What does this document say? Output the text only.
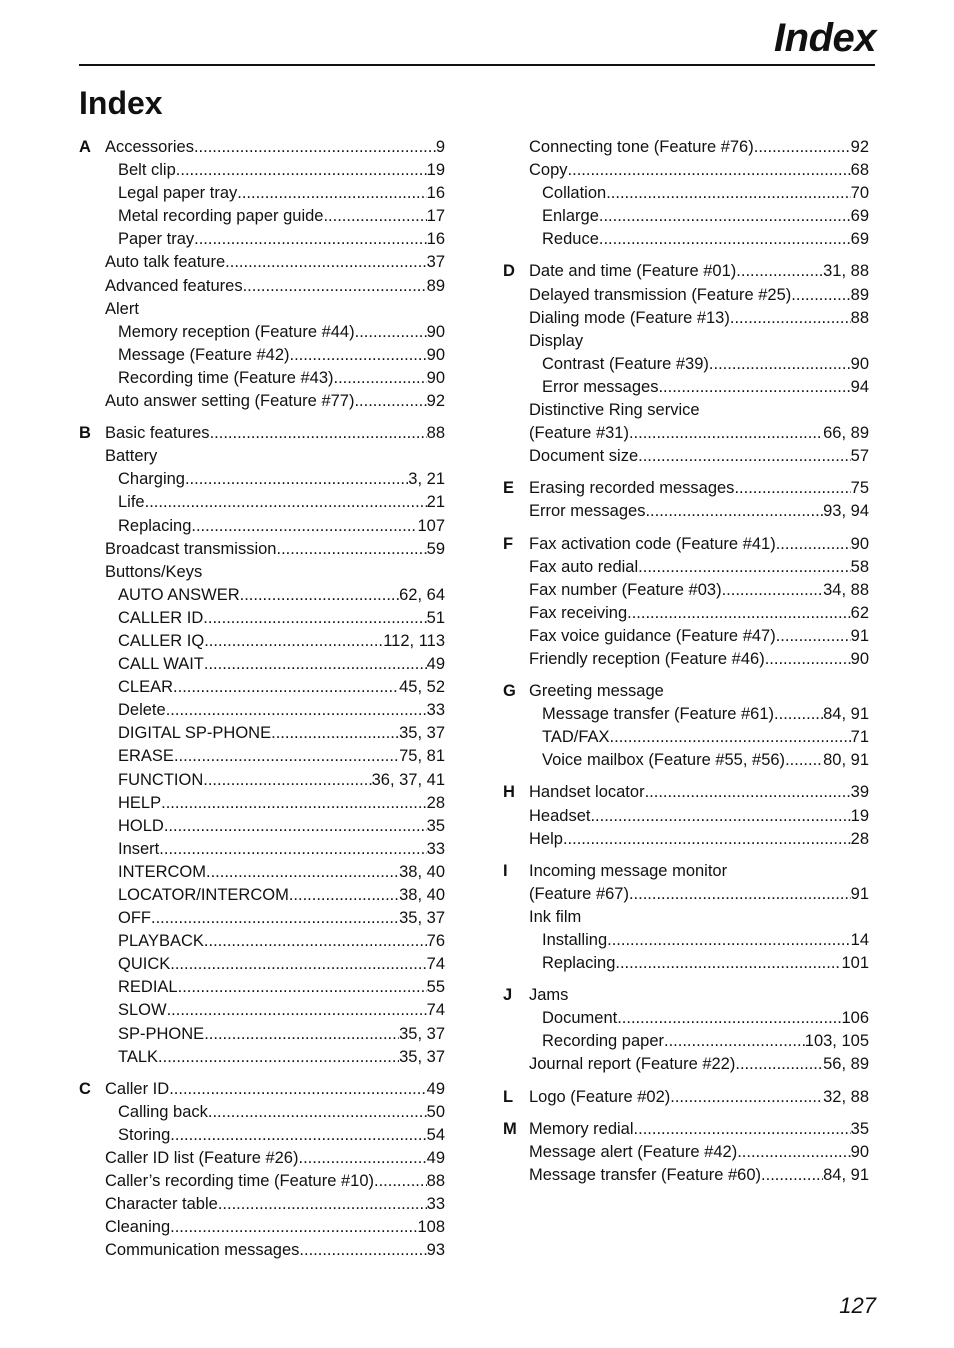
Index
Index
A Accessories .....	9
Belt clip .....	19
Legal paper tray .....	16
Metal recording paper guide .....	17
Paper tray .....	16
Auto talk feature .....	37
Advanced features .....	89
Alert
Memory reception (Feature #44) .....	90
Message (Feature #42) .....	90
Recording time (Feature #43) .....	90
Auto answer setting (Feature #77) .....	92
B Basic features .....	88
Battery
Charging .....	3, 21
Life .....	21
Replacing .....	107
Broadcast transmission .....	59
Buttons/Keys
AUTO ANSWER .....	62, 64
CALLER ID .....	51
CALLER IQ .....	112, 113
CALL WAIT .....	49
CLEAR .....	45, 52
Delete .....	33
DIGITAL SP-PHONE .....	35, 37
ERASE .....	75, 81
FUNCTION .....	36, 37, 41
HELP .....	28
HOLD .....	35
Insert .....	33
INTERCOM .....	38, 40
LOCATOR/INTERCOM .....	38, 40
OFF .....	35, 37
PLAYBACK .....	76
QUICK .....	74
REDIAL .....	55
SLOW .....	74
SP-PHONE .....	35, 37
TALK .....	35, 37
C Caller ID .....	49
Calling back .....	50
Storing .....	54
Caller ID list (Feature #26) .....	49
Caller’s recording time (Feature #10) .....	88
Character table .....	33
Cleaning .....	108
Communication messages .....	93
Connecting tone (Feature #76) .....	92
Copy .....	68
Collation .....	70
Enlarge .....	69
Reduce .....	69
D Date and time (Feature #01) .....	31, 88
Delayed transmission (Feature #25) .....	89
Dialing mode (Feature #13) .....	88
Display
Contrast (Feature #39) .....	90
Error messages .....	94
Distinctive Ring service
(Feature #31) .....	66, 89
Document size .....	57
E Erasing recorded messages .....	75
Error messages .....	93, 94
F Fax activation code (Feature #41) .....	90
Fax auto redial .....	58
Fax number (Feature #03) .....	34, 88
Fax receiving .....	62
Fax voice guidance (Feature #47) .....	91
Friendly reception (Feature #46) .....	90
G Greeting message
Message transfer (Feature #61) .....	84, 91
TAD/FAX .....	71
Voice mailbox (Feature #55, #56) ..... 80, 91
H Handset locator .....	39
Headset .....	19
Help .....	28
I Incoming message monitor
(Feature #67) .....	91
Ink film
Installing .....	14
Replacing .....	101
J Jams
Document .....	106
Recording paper .....	103, 105
Journal report (Feature #22) .....	56, 89
L Logo (Feature #02) .....	32, 88
M Memory redial .....	35
Message alert (Feature #42) .....	90
Message transfer (Feature #60) .....	84, 91
127
